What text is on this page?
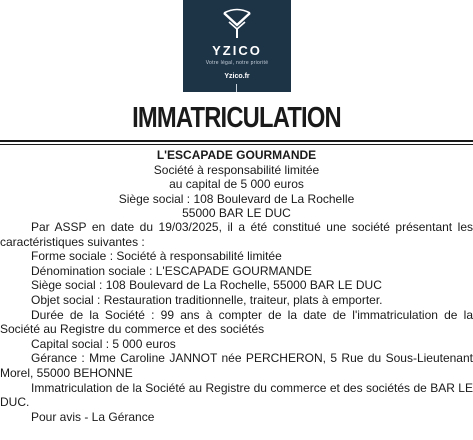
YZICO
Votre légal, notre priorité
Yzico.fr
IMMATRICULATION
L'ESCAPADE GOURMANDE
Société à responsabilité limitée
au capital de 5 000 euros
Siège social : 108 Boulevard de La Rochelle
55000 BAR LE DUC

Par ASSP en date du 19/03/2025, il a été constitué une société présentant les caractéristiques suivantes :

Forme sociale : Société à responsabilité limitée

Dénomination sociale : L'ESCAPADE GOURMANDE

Siège social : 108 Boulevard de La Rochelle, 55000 BAR LE DUC

Objet social : Restauration traditionnelle, traiteur, plats à emporter.

Durée de la Société : 99 ans à compter de la date de l'immatriculation de la Société au Registre du commerce et des sociétés

Capital social : 5 000 euros

Gérance : Mme Caroline JANNOT née PERCHERON, 5 Rue du Sous-Lieutenant Morel, 55000 BEHONNE

Immatriculation de la Société au Registre du commerce et des sociétés de BAR LE DUC.

Pour avis - La Gérance
